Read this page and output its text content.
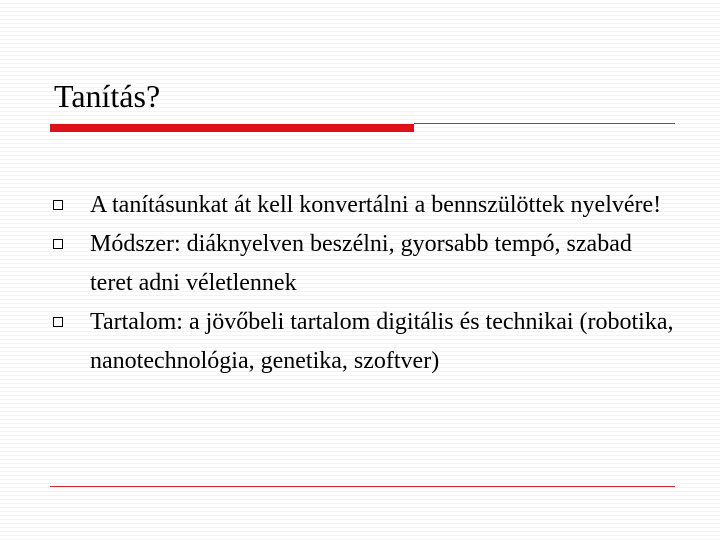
Tanítás?
A tanításunkat át kell konvertálni a bennszülöttek nyelvére!
Módszer: diáknyelven beszélni, gyorsabb tempó, szabad teret adni véletlennek
Tartalom: a jövőbeli tartalom digitális és technikai (robotika, nanotechnológia, genetika, szoftver)
